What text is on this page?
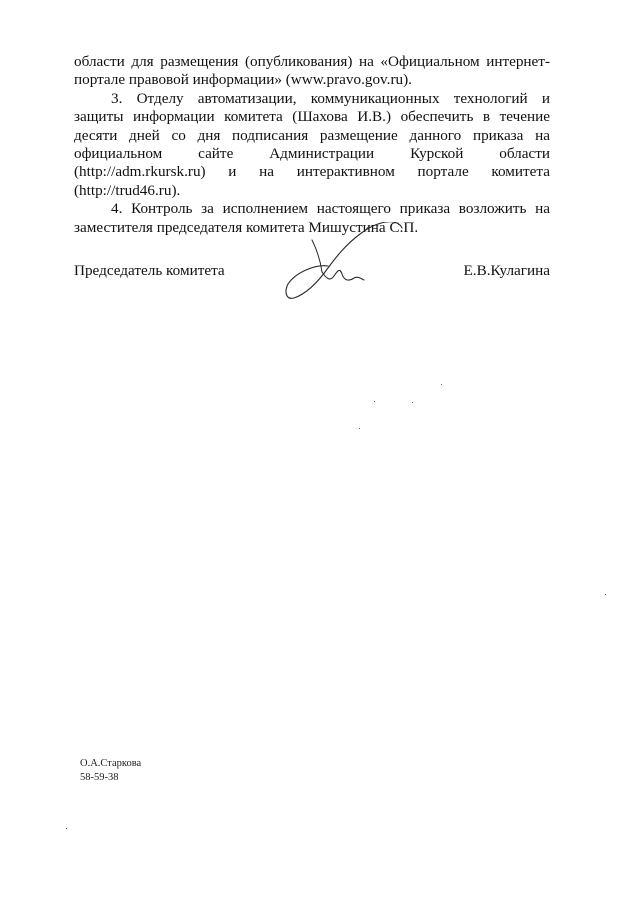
области для размещения (опубликования) на «Официальном интернет-портале правовой информации» (www.pravo.gov.ru).

3. Отделу автоматизации, коммуникационных технологий и защиты информации комитета (Шахова И.В.) обеспечить в течение десяти дней со дня подписания размещение данного приказа на официальном сайте Администрации Курской области (http://adm.rkursk.ru) и на интерактивном портале комитета (http://trud46.ru).

4. Контроль за исполнением настоящего приказа возложить на заместителя председателя комитета Мишустина С.П.

Председатель комитета	Е.В.Кулагина
О.А.Старкова
58-59-38
